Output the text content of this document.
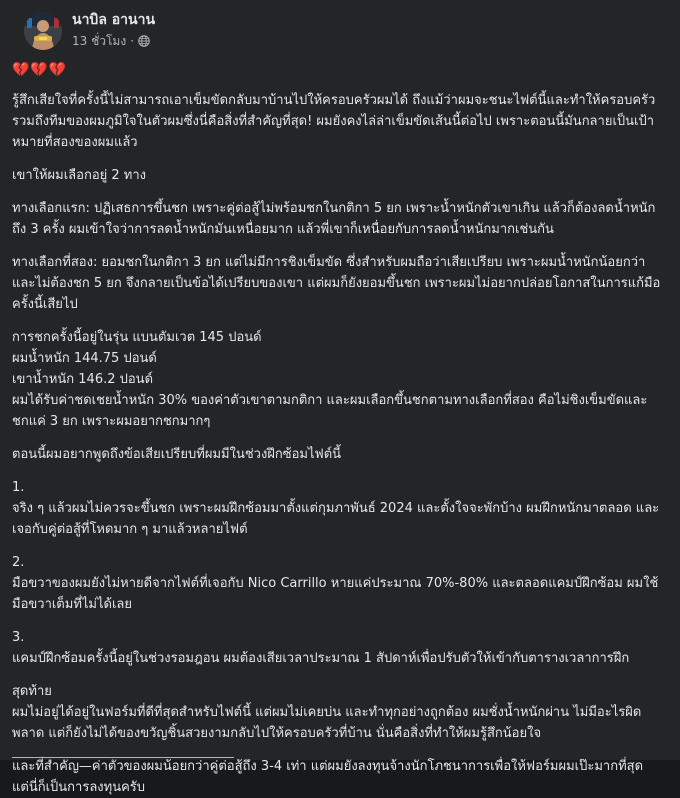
นาบิล อานาน
13 ชั่วโมง ·
💔💔💔
รู้สึกเสียใจที่ครั้งนี้ไม่สามารถเอาเข็มขัดกลับมาบ้านไปให้ครอบครัวผมได้ ถึงแม้ว่าผมจะชนะไฟต์นี้และทำให้ครอบครัวรวมถึงทีมของผมภูมิใจในตัวผมซึ่งนี่คือสิ่งที่สำคัญที่สุด! ผมยังคงไล่ล่าเข็มขัดเส้นนี้ต่อไป เพราะตอนนี้มันกลายเป็นเป้าหมายที่สองของผมแล้ว
เขาให้ผมเลือกอยู่ 2 ทาง
ทางเลือกแรก: ปฏิเสธการขึ้นชก เพราะคู่ต่อสู้ไม่พร้อมชกในกติกา 5 ยก เพราะน้ำหนักตัวเขาเกิน แล้วก็ต้องลดน้ำหนักถึง 3 ครั้ง ผมเข้าใจว่าการลดน้ำหนักมันเหนื่อยมาก แล้วพี่เขาก็เหนื่อยกับการลดน้ำหนักมากเช่นกัน
ทางเลือกที่สอง: ยอมชกในกติกา 3 ยก แต่ไม่มีการชิงเข็มขัด ซึ่งสำหรับผมถือว่าเสียเปรียบ เพราะผมน้ำหนักน้อยกว่า และไม่ต้องชก 5 ยก จึงกลายเป็นข้อได้เปรียบของเขา แต่ผมก็ยังยอมขึ้นชก เพราะผมไม่อยากปล่อยโอกาสในการแก้มือครั้งนี้เสียไป
การชกครั้งนี้อยู่ในรุ่น แบนตัมเวต 145 ปอนด์
ผมน้ำหนัก 144.75 ปอนด์
เขาน้ำหนัก 146.2 ปอนด์
ผมได้รับค่าชดเชยน้ำหนัก 30% ของค่าตัวเขาตามกติกา และผมเลือกขึ้นชกตามทางเลือกที่สอง คือไม่ชิงเข็มขัดและชกแค่ 3 ยก เพราะผมอยากชกมากๆ
ตอนนี้ผมอยากพูดถึงข้อเสียเปรียบที่ผมมีในช่วงฝึกซ้อมไฟต์นี้
1.
จริง ๆ แล้วผมไม่ควรจะขึ้นชก เพราะผมฝึกซ้อมมาตั้งแต่กุมภาพันธ์ 2024 และตั้งใจจะพักบ้าง ผมฝึกหนักมาตลอด และเจอกับคู่ต่อสู้ที่โหดมาก ๆ มาแล้วหลายไฟต์
2.
มือขวาของผมยังไม่หายดีจากไฟต์ที่เจอกับ Nico Carrillo หายแค่ประมาณ 70%-80% และตลอดแคมป์ฝึกซ้อม ผมใช้มือขวาเต็มที่ไม่ได้เลย
3.
แคมป์ฝึกซ้อมครั้งนี้อยู่ในช่วงรอมฎอน ผมต้องเสียเวลาประมาณ 1 สัปดาห์เพื่อปรับตัวให้เข้ากับตารางเวลาการฝึก
สุดท้าย
ผมไม่อยู่ได้อยู่ในฟอร์มที่ดีที่สุดสำหรับไฟต์นี้ แต่ผมไม่เคยบ่น และทำทุกอย่างถูกต้อง ผมชั่งน้ำหนักผ่าน ไม่มีอะไรผิดพลาด แต่ก็ยังไม่ได้ของขวัญชิ้นสวยงามกลับไปให้ครอบครัวที่บ้าน นั่นคือสิ่งที่ทำให้ผมรู้สึกน้อยใจ
และที่สำคัญ—ค่าตัวของผมน้อยกว่าคู่ต่อสู้ถึง 3-4 เท่า แต่ผมยังลงทุนจ้างนักโภชนาการเพื่อให้ฟอร์มผมเป๊ะมากที่สุด แต่นี่ก็เป็นการลงทุนครับ
